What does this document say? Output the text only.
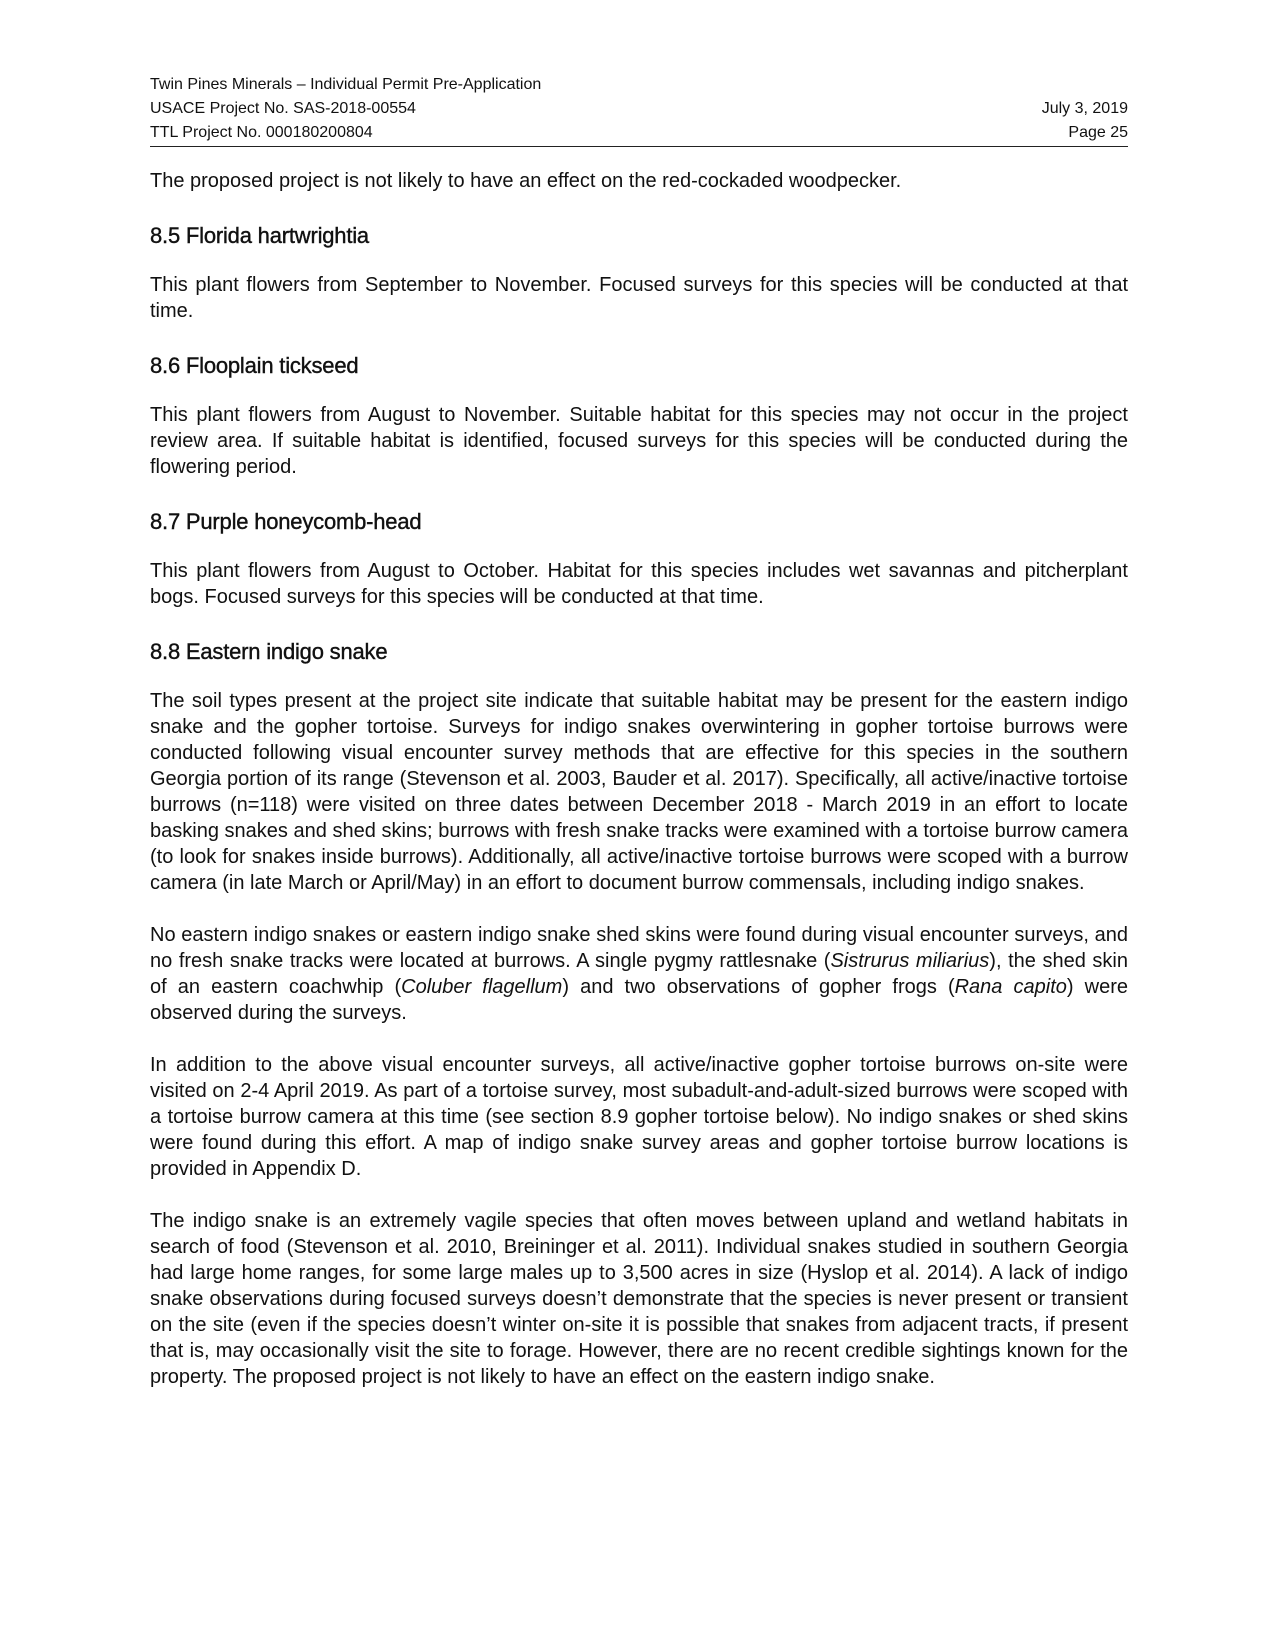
Twin Pines Minerals – Individual Permit Pre-Application
USACE Project No. SAS-2018-00554	July 3, 2019
TTL Project No. 000180200804	Page 25

The proposed project is not likely to have an effect on the red-cockaded woodpecker.

8.5 Florida hartwrightia

This plant flowers from September to November. Focused surveys for this species will be conducted at that time.

8.6 Flooplain tickseed

This plant flowers from August to November. Suitable habitat for this species may not occur in the project review area. If suitable habitat is identified, focused surveys for this species will be conducted during the flowering period.

8.7 Purple honeycomb-head

This plant flowers from August to October. Habitat for this species includes wet savannas and pitcherplant bogs. Focused surveys for this species will be conducted at that time.

8.8 Eastern indigo snake

The soil types present at the project site indicate that suitable habitat may be present for the eastern indigo snake and the gopher tortoise. Surveys for indigo snakes overwintering in gopher tortoise burrows were conducted following visual encounter survey methods that are effective for this species in the southern Georgia portion of its range (Stevenson et al. 2003, Bauder et al. 2017). Specifically, all active/inactive tortoise burrows (n=118) were visited on three dates between December 2018 - March 2019 in an effort to locate basking snakes and shed skins; burrows with fresh snake tracks were examined with a tortoise burrow camera (to look for snakes inside burrows). Additionally, all active/inactive tortoise burrows were scoped with a burrow camera (in late March or April/May) in an effort to document burrow commensals, including indigo snakes.

No eastern indigo snakes or eastern indigo snake shed skins were found during visual encounter surveys, and no fresh snake tracks were located at burrows. A single pygmy rattlesnake (Sistrurus miliarius), the shed skin of an eastern coachwhip (Coluber flagellum) and two observations of gopher frogs (Rana capito) were observed during the surveys.

In addition to the above visual encounter surveys, all active/inactive gopher tortoise burrows on-site were visited on 2-4 April 2019. As part of a tortoise survey, most subadult-and-adult-sized burrows were scoped with a tortoise burrow camera at this time (see section 8.9 gopher tortoise below). No indigo snakes or shed skins were found during this effort. A map of indigo snake survey areas and gopher tortoise burrow locations is provided in Appendix D.

The indigo snake is an extremely vagile species that often moves between upland and wetland habitats in search of food (Stevenson et al. 2010, Breininger et al. 2011). Individual snakes studied in southern Georgia had large home ranges, for some large males up to 3,500 acres in size (Hyslop et al. 2014). A lack of indigo snake observations during focused surveys doesn’t demonstrate that the species is never present or transient on the site (even if the species doesn’t winter on-site it is possible that snakes from adjacent tracts, if present that is, may occasionally visit the site to forage. However, there are no recent credible sightings known for the property. The proposed project is not likely to have an effect on the eastern indigo snake.
